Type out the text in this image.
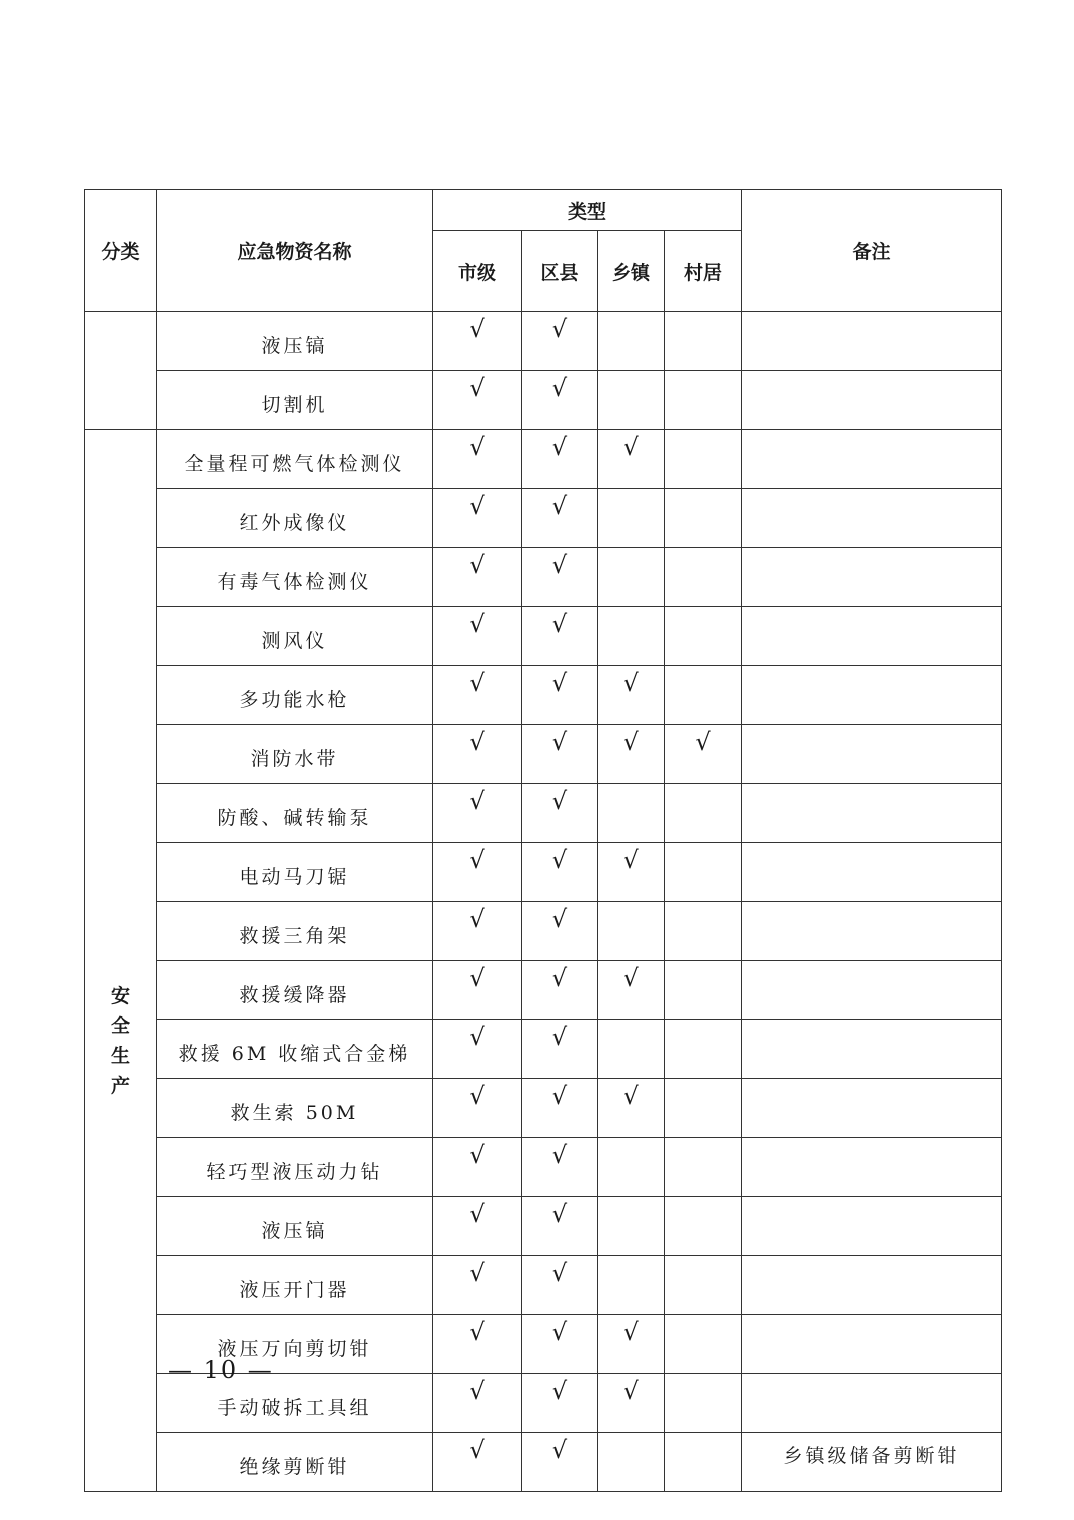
分类	应急物资名称	类型				备注
		市级	区县	乡镇	村居	
	液压镐	√	√			
	切割机	√	√			
安全生产	全量程可燃气体检测仪	√	√	√		
	红外成像仪	√	√			
	有毒气体检测仪	√	√			
	测风仪	√	√			
	多功能水枪	√	√	√		
	消防水带	√	√	√	√	
	防酸、碱转输泵	√	√			
	电动马刀锯	√	√	√		
	救援三角架	√	√			
	救援缓降器	√	√	√		
	救援 6M 收缩式合金梯	√	√			
	救生索 50M	√	√	√		
	轻巧型液压动力钻	√	√			
	液压镐	√	√			
	液压开门器	√	√			
	液压万向剪切钳	√	√	√		
	手动破拆工具组	√	√	√		
	绝缘剪断钳	√	√			乡镇级储备剪断钳
— 10 —
